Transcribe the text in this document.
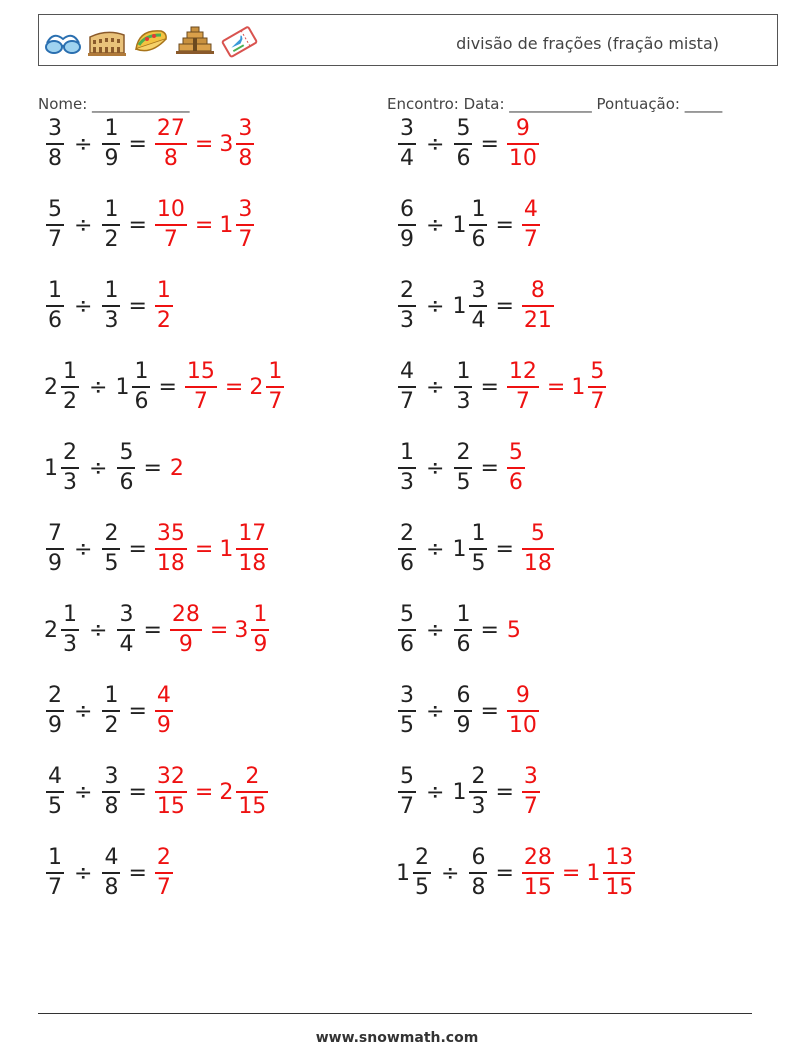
divisão de frações (fração mista)
Nome: _____________	Encontro: Data: ___________ Pontuação: _____
$\frac{3}{8} \div \frac{1}{9} = \frac{27}{8} = 3 \frac{3}{8}$	$\frac{3}{4} \div \frac{5}{6} = \frac{9}{10}$
$\frac{5}{7} \div \frac{1}{2} = \frac{10}{7} = 1 \frac{3}{7}$	$\frac{6}{9} \div 1 \frac{1}{6} = \frac{4}{7}$
$\frac{1}{6} \div \frac{1}{3} = \frac{1}{2}$	$\frac{2}{3} \div 1 \frac{3}{4} = \frac{8}{21}$
$2 \frac{1}{2} \div 1 \frac{1}{6} = \frac{15}{7} = 2 \frac{1}{7}$	$\frac{4}{7} \div \frac{1}{3} = \frac{12}{7} = 1 \frac{5}{7}$
$1 \frac{2}{3} \div \frac{5}{6} = 2$	$\frac{1}{3} \div \frac{2}{5} = \frac{5}{6}$
$\frac{7}{9} \div \frac{2}{5} = \frac{35}{18} = 1 \frac{17}{18}$	$\frac{2}{6} \div 1 \frac{1}{5} = \frac{5}{18}$
$2 \frac{1}{3} \div \frac{3}{4} = \frac{28}{9} = 3 \frac{1}{9}$	$\frac{5}{6} \div \frac{1}{6} = 5$
$\frac{2}{9} \div \frac{1}{2} = \frac{4}{9}$	$\frac{3}{5} \div \frac{6}{9} = \frac{9}{10}$
$\frac{4}{5} \div \frac{3}{8} = \frac{32}{15} = 2 \frac{2}{15}$	$\frac{5}{7} \div 1 \frac{2}{3} = \frac{3}{7}$
$\frac{1}{7} \div \frac{4}{8} = \frac{2}{7}$	$1 \frac{2}{5} \div \frac{6}{8} = \frac{28}{15} = 1 \frac{13}{15}$
www.snowmath.com
